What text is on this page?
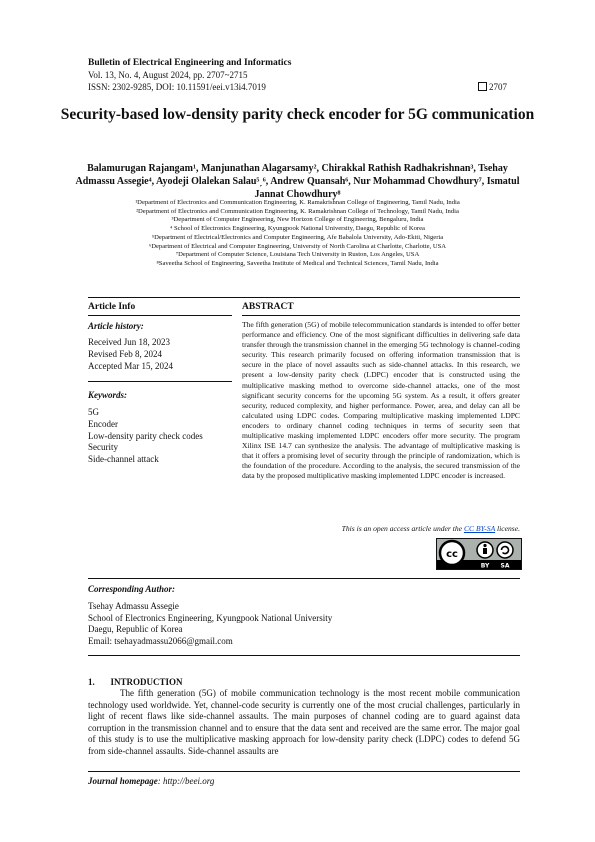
Bulletin of Electrical Engineering and Informatics
Vol. 13, No. 4, August 2024, pp. 2707~2715
ISSN: 2302-9285, DOI: 10.11591/eei.v13i4.7019	2707
Security-based low-density parity check encoder for 5G communication
Balamurugan Rajangam¹, Manjunathan Alagarsamy², Chirakkal Rathish Radhakrishnan³, Tsehay Admassu Assegie⁴, Ayodeji Olalekan Salau⁵ˏ⁶, Andrew Quansah⁶, Nur Mohammad Chowdhury⁷, Ismatul Jannat Chowdhury⁸
¹Department of Electronics and Communication Engineering, K. Ramakrishnan College of Engineering, Tamil Nadu, India
²Department of Electronics and Communication Engineering, K. Ramakrishnan College of Technology, Tamil Nadu, India
³Department of Computer Engineering, New Horizon College of Engineering, Bengaluru, India
⁴ School of Electronics Engineering, Kyungpook National University, Daegu, Republic of Korea
⁵Department of Electrical/Electronics and Computer Engineering, Afe Babalola University, Ado-Ekiti, Nigeria
⁶Department of Electrical and Computer Engineering, University of North Carolina at Charlotte, Charlotte, USA
⁷Department of Computer Science, Louisiana Tech University in Ruston, Los Angeles, USA
⁸Saveetha School of Engineering, Saveetha Institute of Medical and Technical Sciences, Tamil Nadu, India
Article Info	ABSTRACT
Article history:
Received Jun 18, 2023
Revised Feb 8, 2024
Accepted Mar 15, 2024
Keywords:
5G
Encoder
Low-density parity check codes
Security
Side-channel attack
The fifth generation (5G) of mobile telecommunication standards is intended to offer better performance and efficiency. One of the most significant difficulties in delivering safe data transfer through the transmission channel in the emerging 5G technology is channel-coding security. This research primarily focused on offering information transmission that is secure in the place of novel assaults such as side-channel attacks. In this research, we present a low-density parity check (LDPC) encoder that is constructed using the multiplicative masking method to overcome side-channel attacks, one of the most significant security concerns for the upcoming 5G system. As a result, it offers greater security, reduced complexity, and higher performance. Power, area, and delay can all be calculated using LDPC codes. Comparing multiplicative masking implemented LDPC encoders to ordinary channel coding techniques in terms of security seen that multiplicative masking implemented LDPC encoders offer more security. The program Xilinx ISE 14.7 can synthesize the analysis. The advantage of multiplicative masking is that it offers a promising level of security through the principle of randomization, which is the foundation of the procedure. According to the analysis, the secured transmission of the data by the proposed multiplicative masking implemented LDPC encoder is increased.
This is an open access article under the CC BY-SA license.
cc
BY SA
Corresponding Author:
Tsehay Admassu Assegie
School of Electronics Engineering, Kyungpook National University
Daegu, Republic of Korea
Email: tsehayadmassu2066@gmail.com
1.       INTRODUCTION
The fifth generation (5G) of mobile communication technology is the most recent mobile communication technology used worldwide. Yet, channel-code security is currently one of the most crucial challenges, particularly in light of recent flaws like side-channel assaults. The main purposes of channel coding are to guard against data corruption in the transmission channel and to ensure that the data sent and received are the same error. The major goal of this study is to use the multiplicative masking approach for low-density parity check (LDPC) codes to defend 5G from side-channel assaults. Side-channel assaults are
Journal homepage: http://beei.org
